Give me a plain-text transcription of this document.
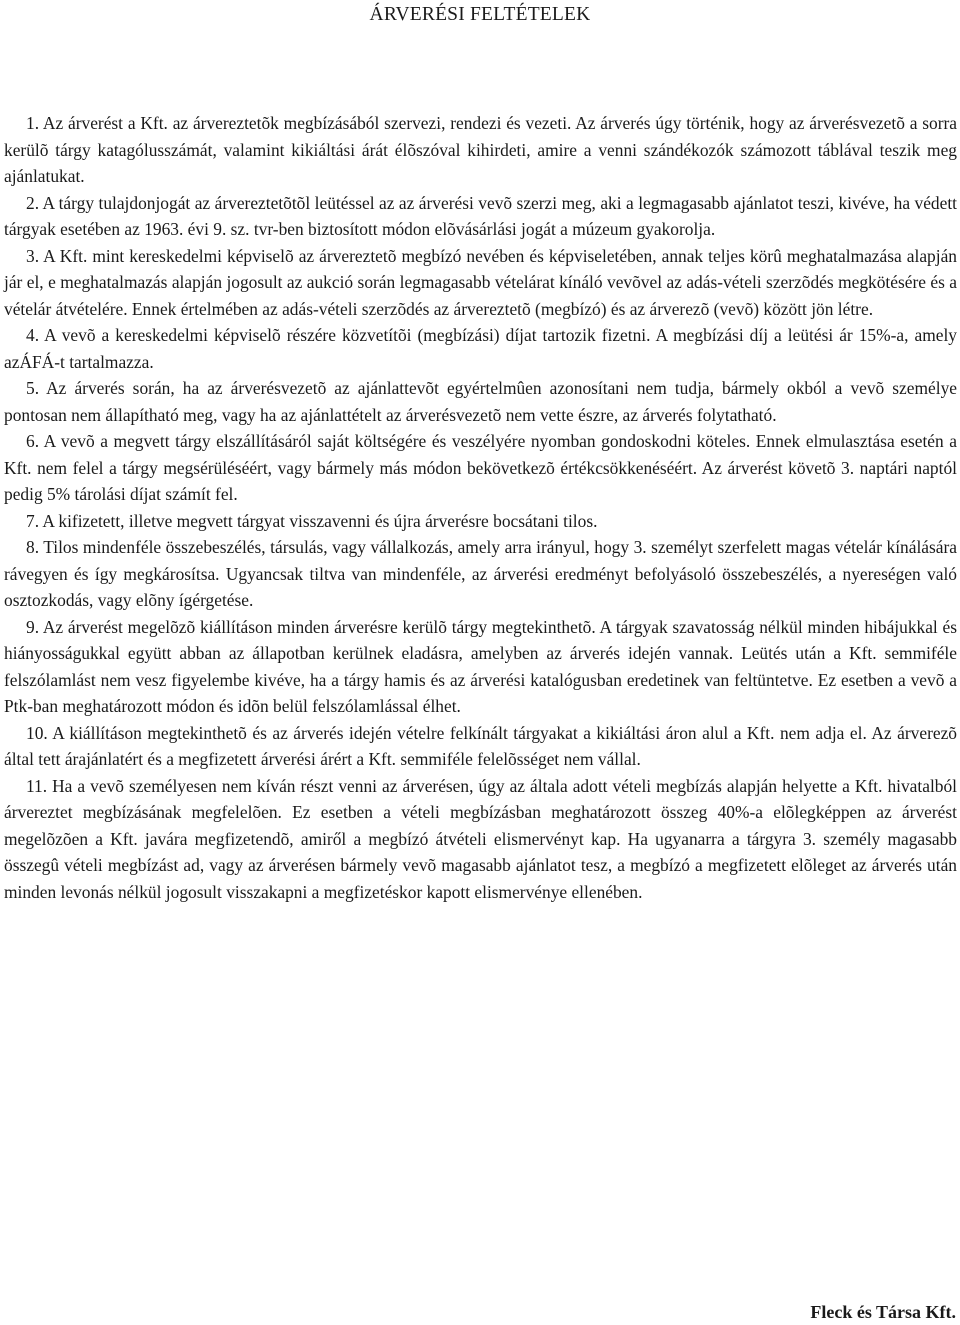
ÁRVERÉSI FELTÉTELEK

1. Az árverést a Kft. az árvereztetõk megbízásából szervezi, rendezi és vezeti. Az árverés úgy történik, hogy az árverésvezetõ a sorra kerülõ tárgy katagólusszámát, valamint kikiáltási árát élõszóval kihirdeti, amire a venni szándékozók számozott táblával teszik meg ajánlatukat.

2. A tárgy tulajdonjogát az árvereztetõtõl leütéssel az az árverési vevõ szerzi meg, aki a legmagasabb ajánlatot teszi, kivéve, ha védett tárgyak esetében az 1963. évi 9. sz. tvr-ben biztosított módon elõvásárlási jogát a múzeum gyakorolja.

3. A Kft. mint kereskedelmi képviselõ az árvereztetõ megbízó nevében és képviseletében, annak teljes körû meghatalmazása alapján jár el, e meghatalmazás alapján jogosult az aukció során legmagasabb vételárat kínáló vevõvel az adás-vételi szerzõdés megkötésére és a vételár átvételére. Ennek értelmében az adás-vételi szerzõdés az árvereztetõ (megbízó) és az árverezõ (vevõ) között jön létre.

4. A vevõ a kereskedelmi képviselõ részére közvetítõi (megbízási) díjat tartozik fizetni. A megbízási díj a leütési ár 15%-a, amely azÁFÁ-t tartalmazza.

5. Az árverés során, ha az árverésvezetõ az ajánlattevõt egyértelmûen azonosítani nem tudja, bármely okból a vevõ személye pontosan nem állapítható meg, vagy ha az ajánlattételt az árverésvezetõ nem vette észre, az árverés folytatható.

6. A vevõ a megvett tárgy elszállításáról saját költségére és veszélyére nyomban gondoskodni köteles. Ennek elmulasztása esetén a Kft. nem felel a tárgy megsérüléséért, vagy bármely más módon bekövetkezõ értékcsökkenéséért. Az árverést követõ 3. naptári naptól pedig 5% tárolási díjat számít fel.

7. A kifizetett, illetve megvett tárgyat visszavenni és újra árverésre bocsátani tilos.

8. Tilos mindenféle összebeszélés, társulás, vagy vállalkozás, amely arra irányul, hogy 3. személyt szerfelett magas vételár kínálására rávegyen és így megkárosítsa. Ugyancsak tiltva van mindenféle, az árverési eredményt befolyásoló összebeszélés, a nyereségen való osztozkodás, vagy elõny ígérgetése.

9. Az árverést megelõzõ kiállításon minden árverésre kerülõ tárgy megtekinthetõ. A tárgyak szavatosság nélkül minden hibájukkal és hiányosságukkal együtt abban az állapotban kerülnek eladásra, amelyben az árverés idején vannak. Leütés után a Kft. semmiféle felszólamlást nem vesz figyelembe kivéve, ha a tárgy hamis és az árverési katalógusban eredetinek van feltüntetve. Ez esetben a vevõ a Ptk-ban meghatározott módon és idõn belül felszólamlással élhet.

10. A kiállításon megtekinthetõ és az árverés idején vételre felkínált tárgyakat a kikiáltási áron alul a Kft. nem adja el. Az árverezõ által tett árajánlatért és a megfizetett árverési árért a Kft. semmiféle felelõsséget nem vállal.

11. Ha a vevõ személyesen nem kíván részt venni az árverésen, úgy az általa adott vételi megbízás alapján helyette a Kft. hivatalból árvereztet megbízásának megfelelõen. Ez esetben a vételi megbízásban meghatározott összeg 40%-a elõlegképpen az árverést megelõzõen a Kft. javára megfizetendõ, amiről a megbízó átvételi elismervényt kap. Ha ugyanarra a tárgyra 3. személy magasabb összegû vételi megbízást ad, vagy az árverésen bármely vevõ magasabb ajánlatot tesz, a megbízó a megfizetett elõleget az árverés után minden levonás nélkül jogosult visszakapni a megfizetéskor kapott elismervénye ellenében.

Fleck és Társa Kft.
